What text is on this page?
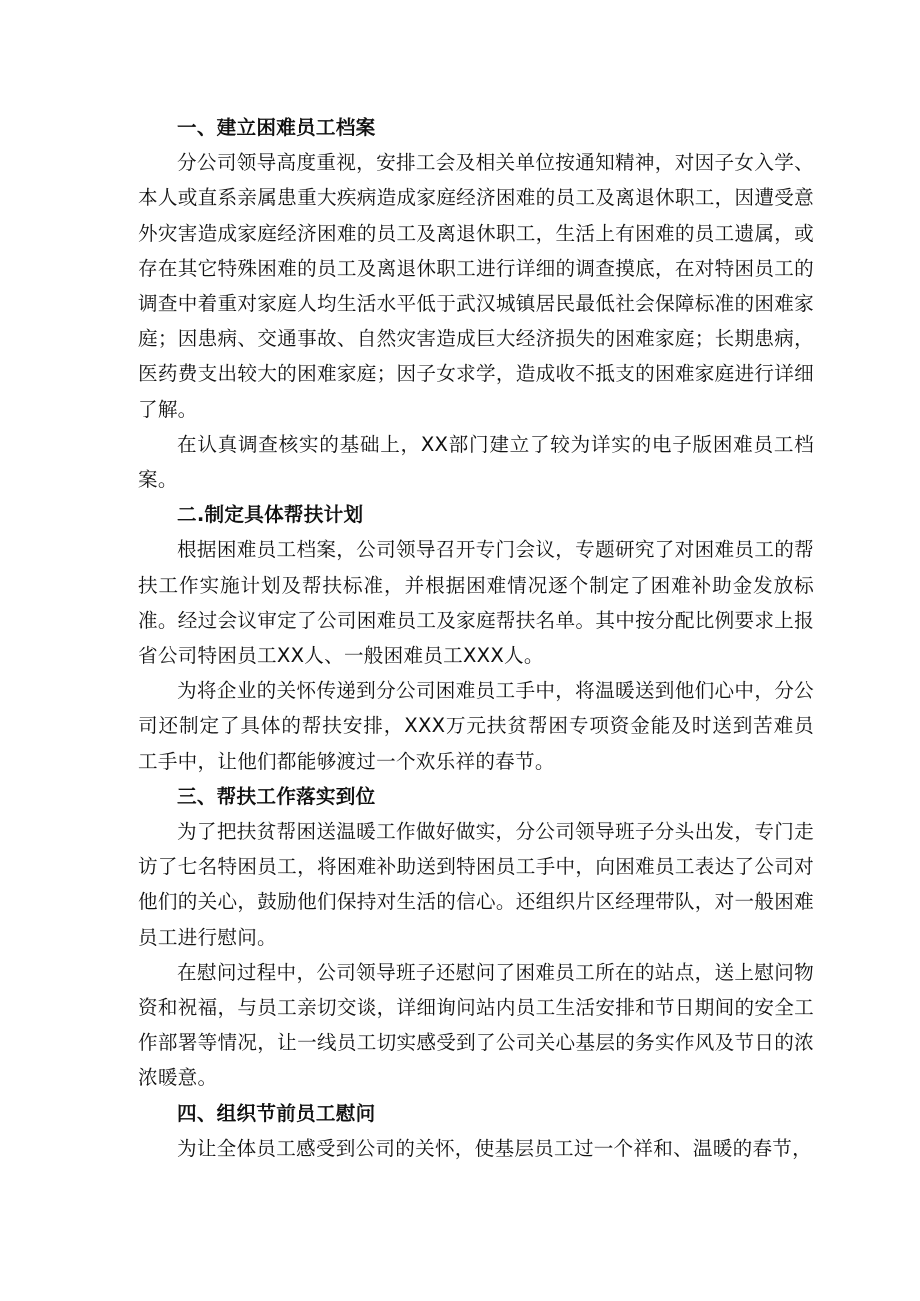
一、建立困难员工档案

分公司领导高度重视，安排工会及相关单位按通知精神，对因子女入学、本人或直系亲属患重大疾病造成家庭经济困难的员工及离退休职工，因遭受意外灾害造成家庭经济困难的员工及离退休职工，生活上有困难的员工遗属，或存在其它特殊困难的员工及离退休职工进行详细的调查摸底，在对特困员工的调查中着重对家庭人均生活水平低于武汉城镇居民最低社会保障标准的困难家庭；因患病、交通事故、自然灾害造成巨大经济损失的困难家庭；长期患病，医药费支出较大的困难家庭；因子女求学，造成收不抵支的困难家庭进行详细了解。

在认真调查核实的基础上，XX部门建立了较为详实的电子版困难员工档案。

二.制定具体帮扶计划

根据困难员工档案，公司领导召开专门会议，专题研究了对困难员工的帮扶工作实施计划及帮扶标准，并根据困难情况逐个制定了困难补助金发放标准。经过会议审定了公司困难员工及家庭帮扶名单。其中按分配比例要求上报省公司特困员工XX人、一般困难员工XXX人。

为将企业的关怀传递到分公司困难员工手中，将温暖送到他们心中，分公司还制定了具体的帮扶安排，XXX万元扶贫帮困专项资金能及时送到苦难员工手中，让他们都能够渡过一个欢乐祥的春节。

三、帮扶工作落实到位

为了把扶贫帮困送温暖工作做好做实，分公司领导班子分头出发，专门走访了七名特困员工，将困难补助送到特困员工手中，向困难员工表达了公司对他们的关心，鼓励他们保持对生活的信心。还组织片区经理带队，对一般困难员工进行慰问。

在慰问过程中，公司领导班子还慰问了困难员工所在的站点，送上慰问物资和祝福，与员工亲切交谈，详细询问站内员工生活安排和节日期间的安全工作部署等情况，让一线员工切实感受到了公司关心基层的务实作风及节日的浓浓暖意。

四、组织节前员工慰问

为让全体员工感受到公司的关怀，使基层员工过一个祥和、温暖的春节，
